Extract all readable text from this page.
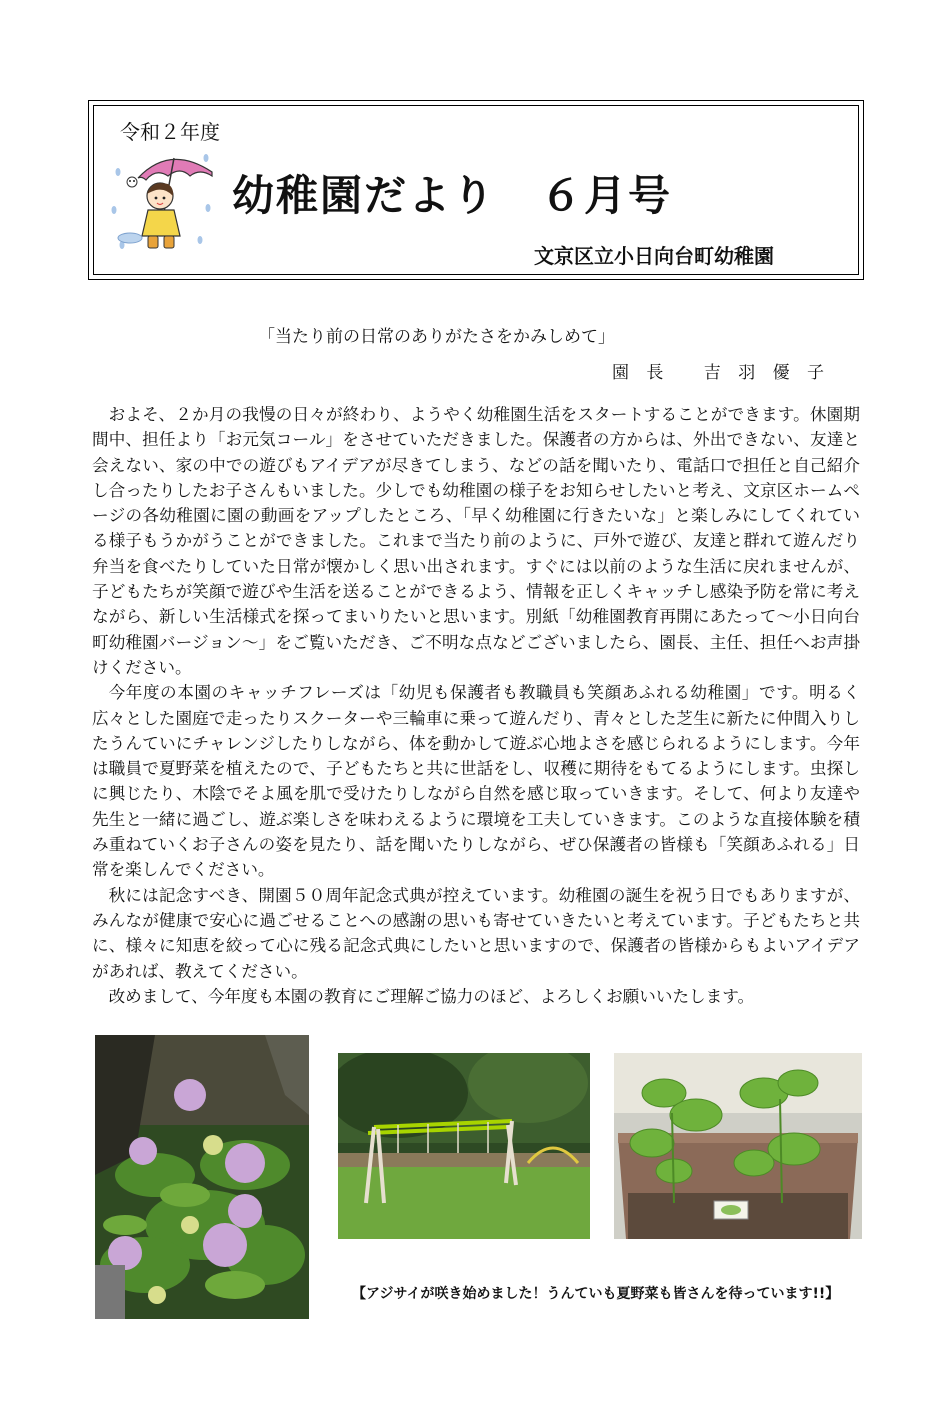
令和２年度
幼稚園だより　６月号
文京区立小日向台町幼稚園
「当たり前の日常のありがたさをかみしめて」
園 長　 吉 羽 優 子

およそ、２か月の我慢の日々が終わり、ようやく幼稚園生活をスタートすることができます。休園期間中、担任より「お元気コール」をさせていただきました。保護者の方からは、外出できない、友達と会えない、家の中での遊びもアイデアが尽きてしまう、などの話を聞いたり、電話口で担任と自己紹介し合ったりしたお子さんもいました。少しでも幼稚園の様子をお知らせしたいと考え、文京区ホームページの各幼稚園に園の動画をアップしたところ、「早く幼稚園に行きたいな」と楽しみにしてくれている様子もうかがうことができました。これまで当たり前のように、戸外で遊び、友達と群れて遊んだり弁当を食べたりしていた日常が懐かしく思い出されます。すぐには以前のような生活に戻れませんが、子どもたちが笑顔で遊びや生活を送ることができるよう、情報を正しくキャッチし感染予防を常に考えながら、新しい生活様式を探ってまいりたいと思います。別紙「幼稚園教育再開にあたって〜小日向台町幼稚園バージョン〜」をご覧いただき、ご不明な点などございましたら、園長、主任、担任へお声掛けください。

今年度の本園のキャッチフレーズは「幼児も保護者も教職員も笑顔あふれる幼稚園」です。明るく広々とした園庭で走ったりスクーターや三輪車に乗って遊んだり、青々とした芝生に新たに仲間入りしたうんていにチャレンジしたりしながら、体を動かして遊ぶ心地よさを感じられるようにします。今年は職員で夏野菜を植えたので、子どもたちと共に世話をし、収穫に期待をもてるようにします。虫探しに興じたり、木陰でそよ風を肌で受けたりしながら自然を感じ取っていきます。そして、何より友達や先生と一緒に過ごし、遊ぶ楽しさを味わえるように環境を工夫していきます。このような直接体験を積み重ねていくお子さんの姿を見たり、話を聞いたりしながら、ぜひ保護者の皆様も「笑顔あふれる」日常を楽しんでください。

秋には記念すべき、開園５０周年記念式典が控えています。幼稚園の誕生を祝う日でもありますが、みんなが健康で安心に過ごせることへの感謝の思いも寄せていきたいと考えています。子どもたちと共に、様々に知恵を絞って心に残る記念式典にしたいと思いますので、保護者の皆様からもよいアイデアがあれば、教えてください。

改めまして、今年度も本園の教育にご理解ご協力のほど、よろしくお願いいたします。

【アジサイが咲き始めました！うんていも夏野菜も皆さんを待っています!!】
